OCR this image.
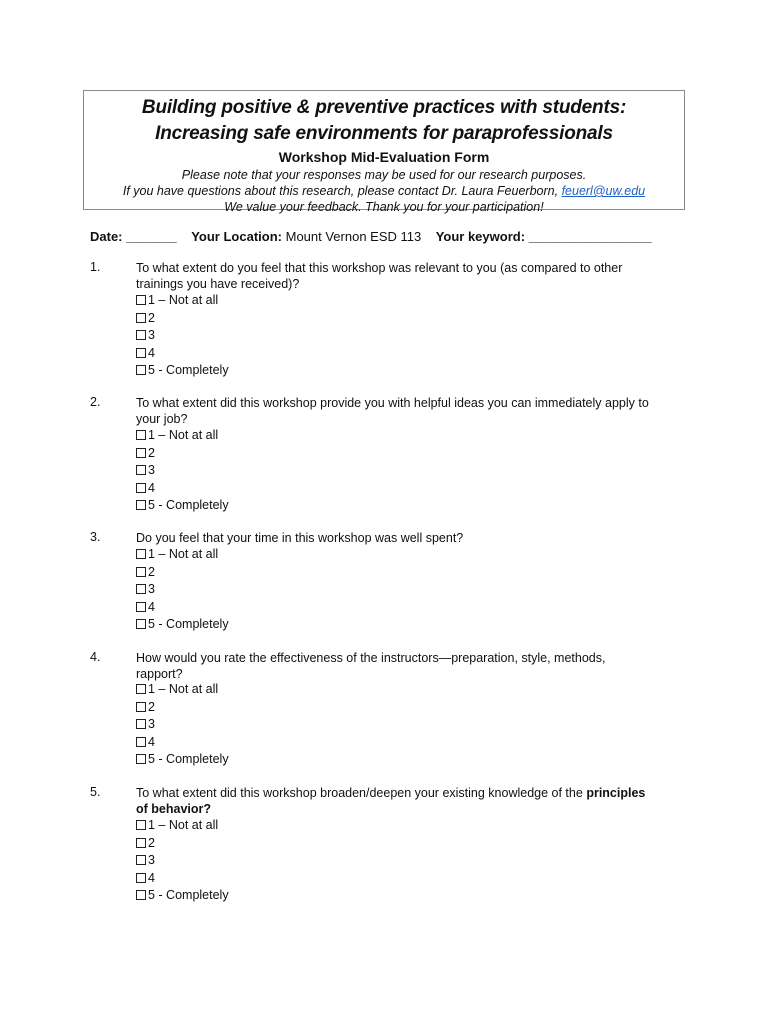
Building positive & preventive practices with students:
Increasing safe environments for paraprofessionals
Workshop Mid-Evaluation Form
Please note that your responses may be used for our research purposes.
If you have questions about this research, please contact Dr. Laura Feuerborn, feuerl@uw.edu
We value your feedback. Thank you for your participation!
Date: _______ Your Location: Mount Vernon ESD 113 Your keyword: _________________
1.	To what extent do you feel that this workshop was relevant to you (as compared to other
trainings you have received)?
1 – Not at all
2
3
4
5 - Completely
2.	To what extent did this workshop provide you with helpful ideas you can immediately apply to
your job?
1 – Not at all
2
3
4
5 - Completely
3.	Do you feel that your time in this workshop was well spent?
1 – Not at all
2
3
4
5 - Completely
4.	How would you rate the effectiveness of the instructors—preparation, style, methods,
rapport?
1 – Not at all
2
3
4
5 - Completely
5.	To what extent did this workshop broaden/deepen your existing knowledge of the principles
of behavior?
1 – Not at all
2
3
4
5 - Completely
